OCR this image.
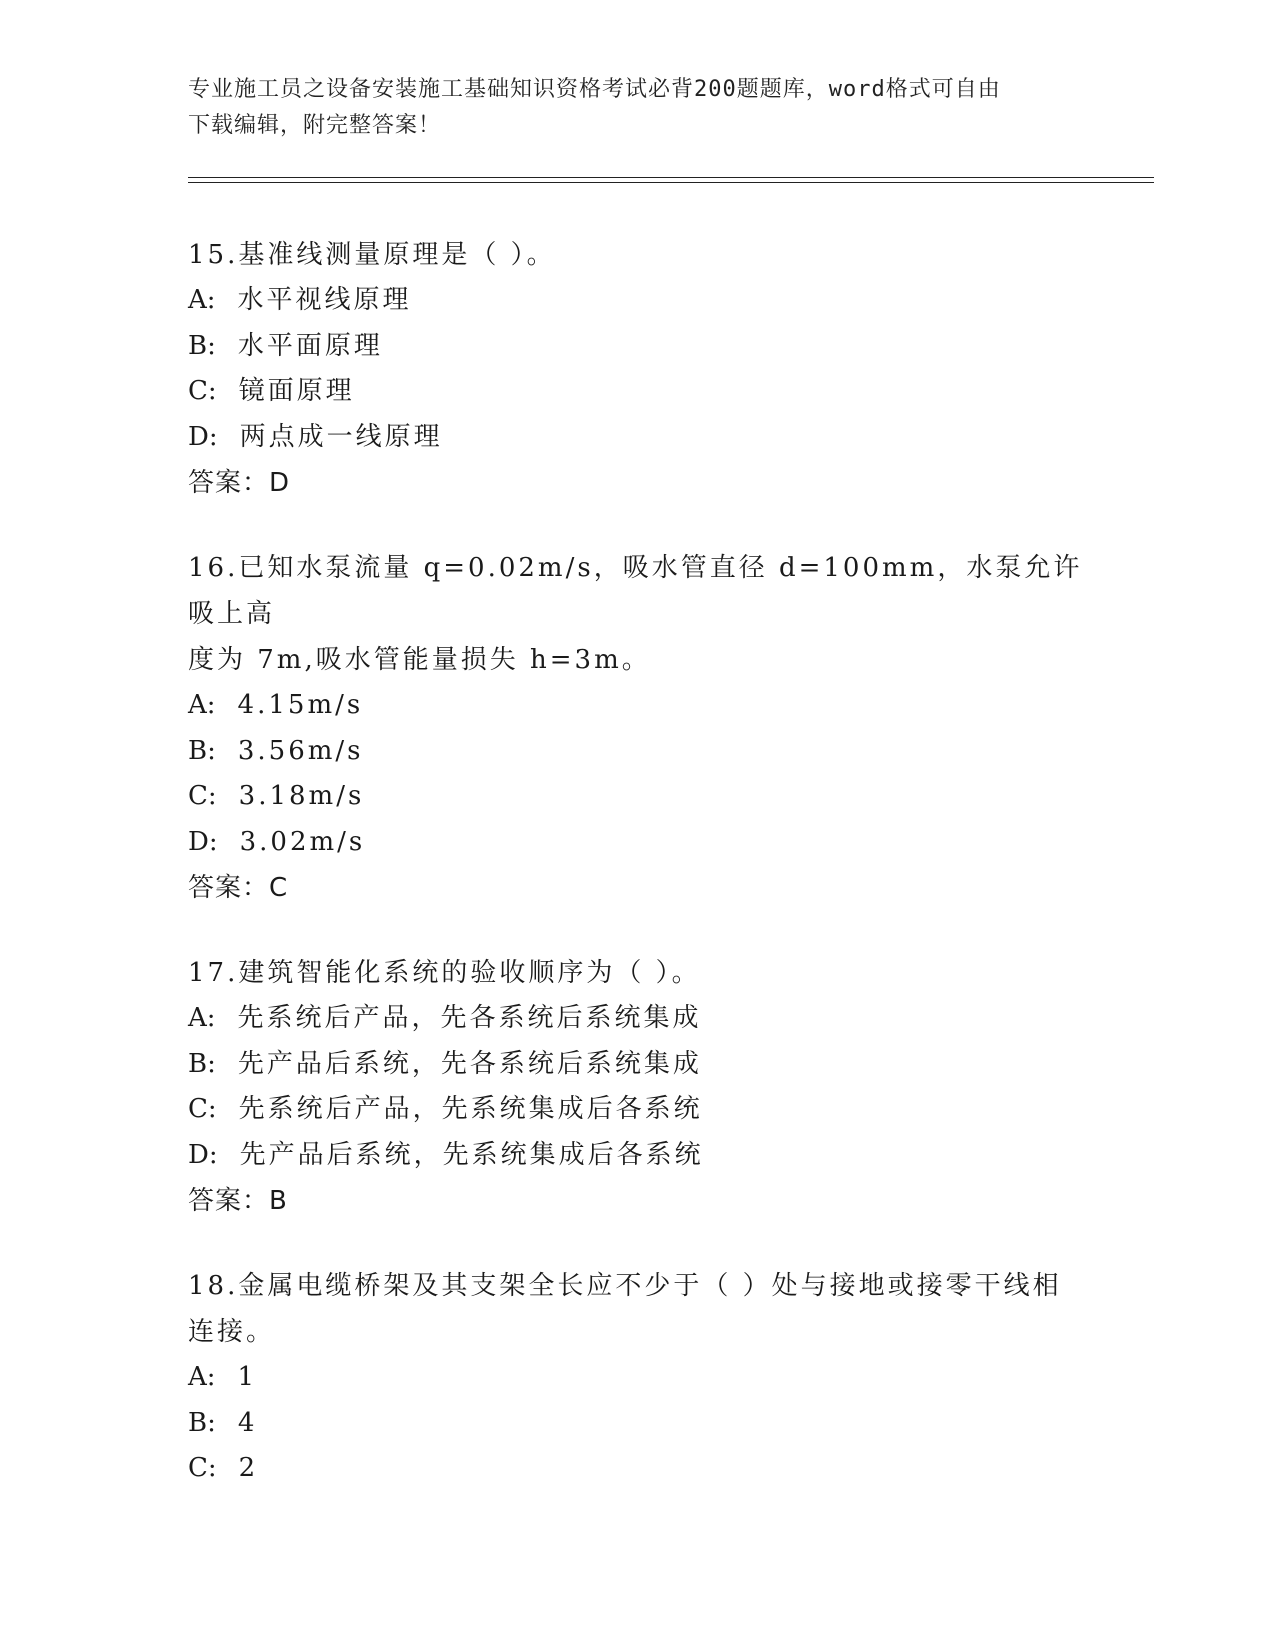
专业施工员之设备安装施工基础知识资格考试必背200题题库，word格式可自由
下载编辑，附完整答案！
15.基准线测量原理是（ ）。
A: 水平视线原理
B: 水平面原理
C: 镜面原理
D: 两点成一线原理
答案：D
16.已知水泵流量 q=0.02m/s，吸水管直径 d=100mm，水泵允许吸上高
度为 7m,吸水管能量损失 h=3m。
A: 4.15m/s
B: 3.56m/s
C: 3.18m/s
D: 3.02m/s
答案：C
17.建筑智能化系统的验收顺序为（ ）。
A: 先系统后产品，先各系统后系统集成
B: 先产品后系统，先各系统后系统集成
C: 先系统后产品，先系统集成后各系统
D: 先产品后系统，先系统集成后各系统
答案：B
18.金属电缆桥架及其支架全长应不少于（ ）处与接地或接零干线相
连接。
A: 1
B: 4
C: 2
